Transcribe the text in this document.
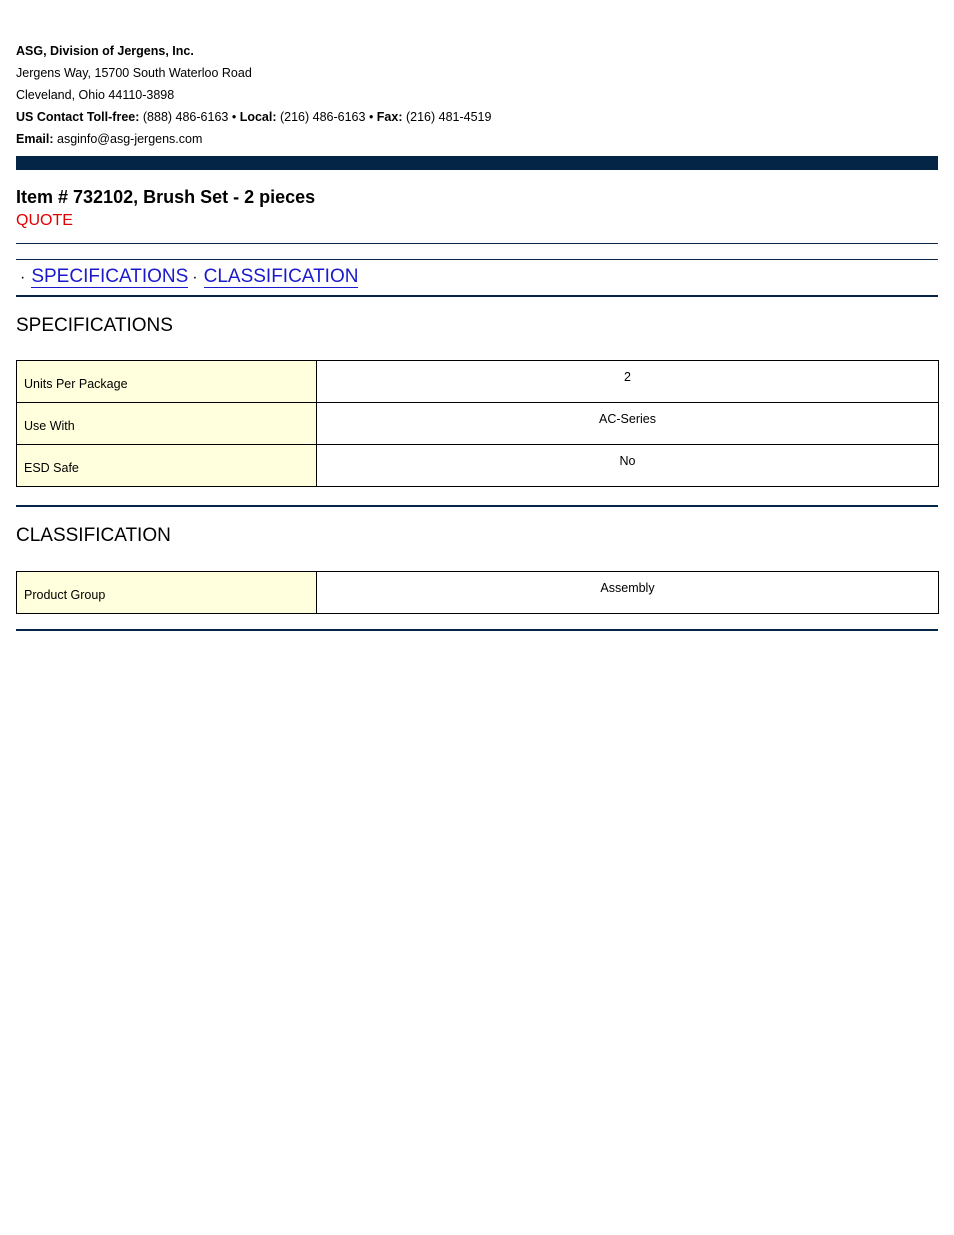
ASG, Division of Jergens, Inc.
Jergens Way, 15700 South Waterloo Road
Cleveland, Ohio 44110-3898
US Contact Toll-free: (888) 486-6163 • Local: (216) 486-6163 • Fax: (216) 481-4519
Email: asginfo@asg-jergens.com
Item # 732102, Brush Set - 2 pieces
QUOTE
· SPECIFICATIONS · CLASSIFICATION
SPECIFICATIONS
Units Per Package	2
Use With	AC-Series
ESD Safe	No
CLASSIFICATION
Product Group	Assembly
